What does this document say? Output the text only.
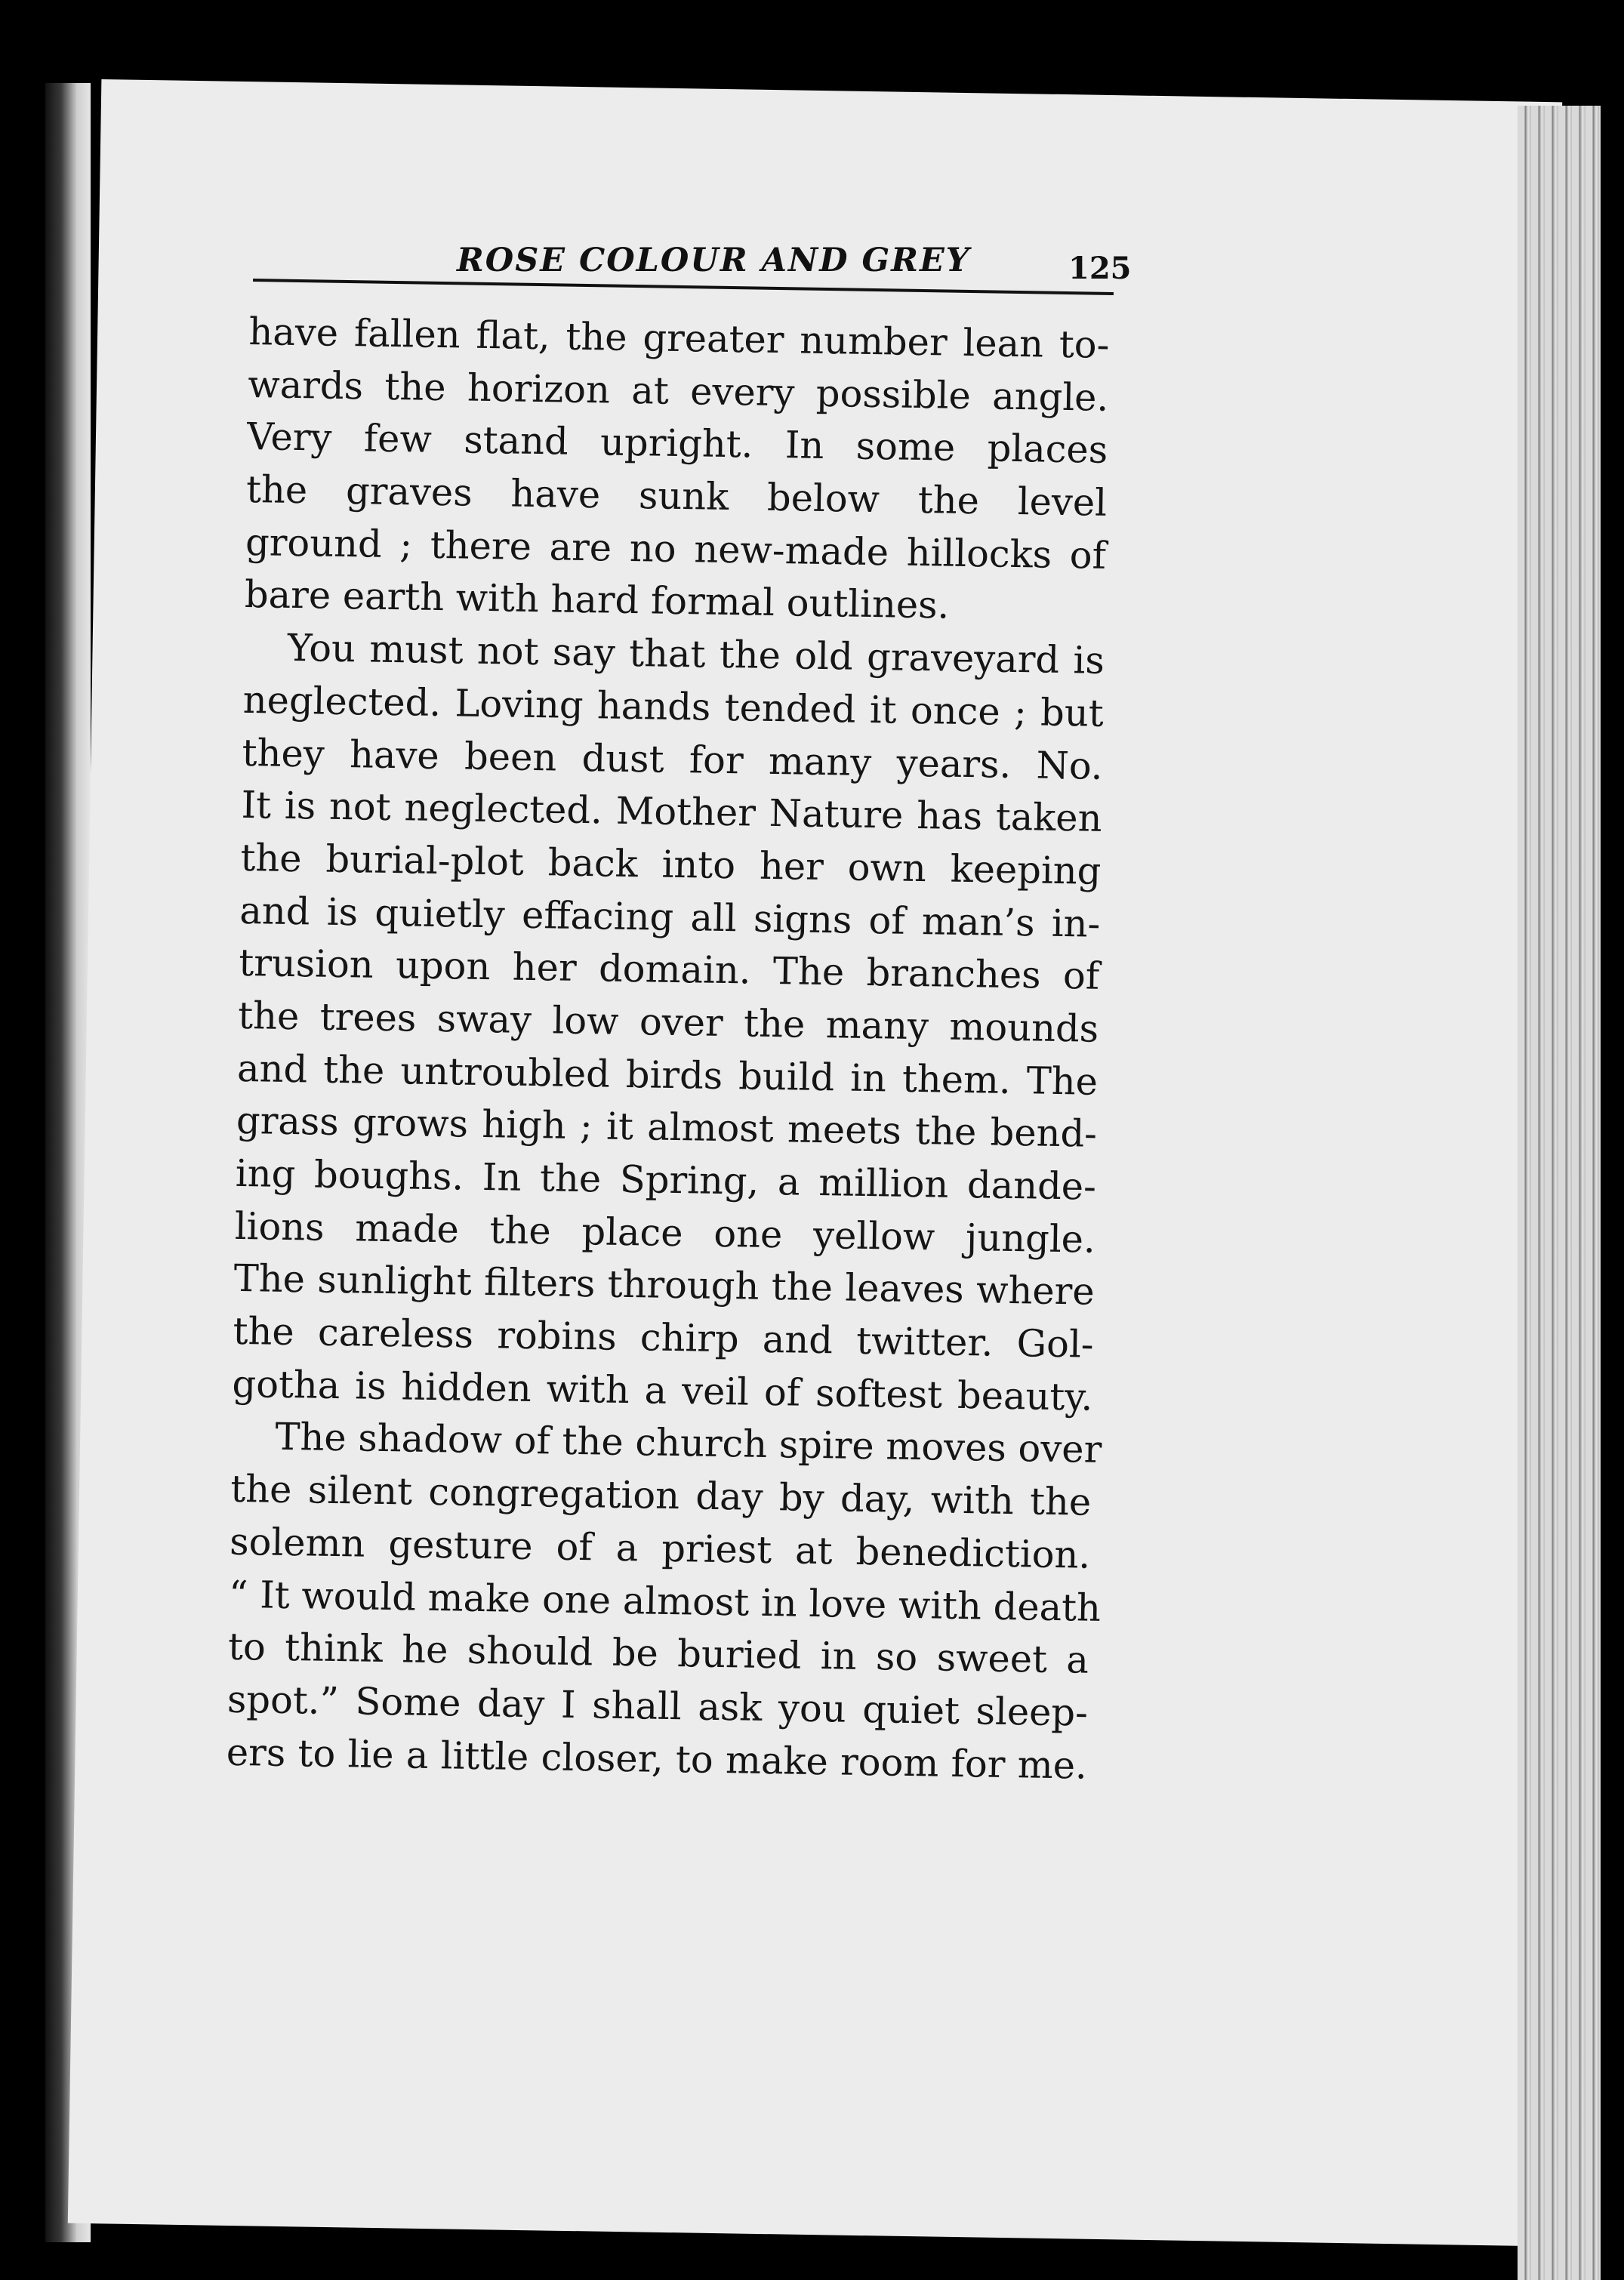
ROSE COLOUR AND GREY	125
have fallen flat, the greater number lean to-
wards the horizon at every possible angle.
Very few stand upright. In some places
the graves have sunk below the level
ground ; there are no new-made hillocks of
bare earth with hard formal outlines.
You must not say that the old graveyard is
neglected. Loving hands tended it once ; but
they have been dust for many years. No.
It is not neglected. Mother Nature has taken
the burial-plot back into her own keeping
and is quietly effacing all signs of man’s in-
trusion upon her domain. The branches of
the trees sway low over the many mounds
and the untroubled birds build in them. The
grass grows high ; it almost meets the bend-
ing boughs. In the Spring, a million dande-
lions made the place one yellow jungle.
The sunlight filters through the leaves where
the careless robins chirp and twitter. Gol-
gotha is hidden with a veil of softest beauty.
The shadow of the church spire moves over
the silent congregation day by day, with the
solemn gesture of a priest at benediction.
“ It would make one almost in love with death
to think he should be buried in so sweet a
spot.” Some day I shall ask you quiet sleep-
ers to lie a little closer, to make room for me.
